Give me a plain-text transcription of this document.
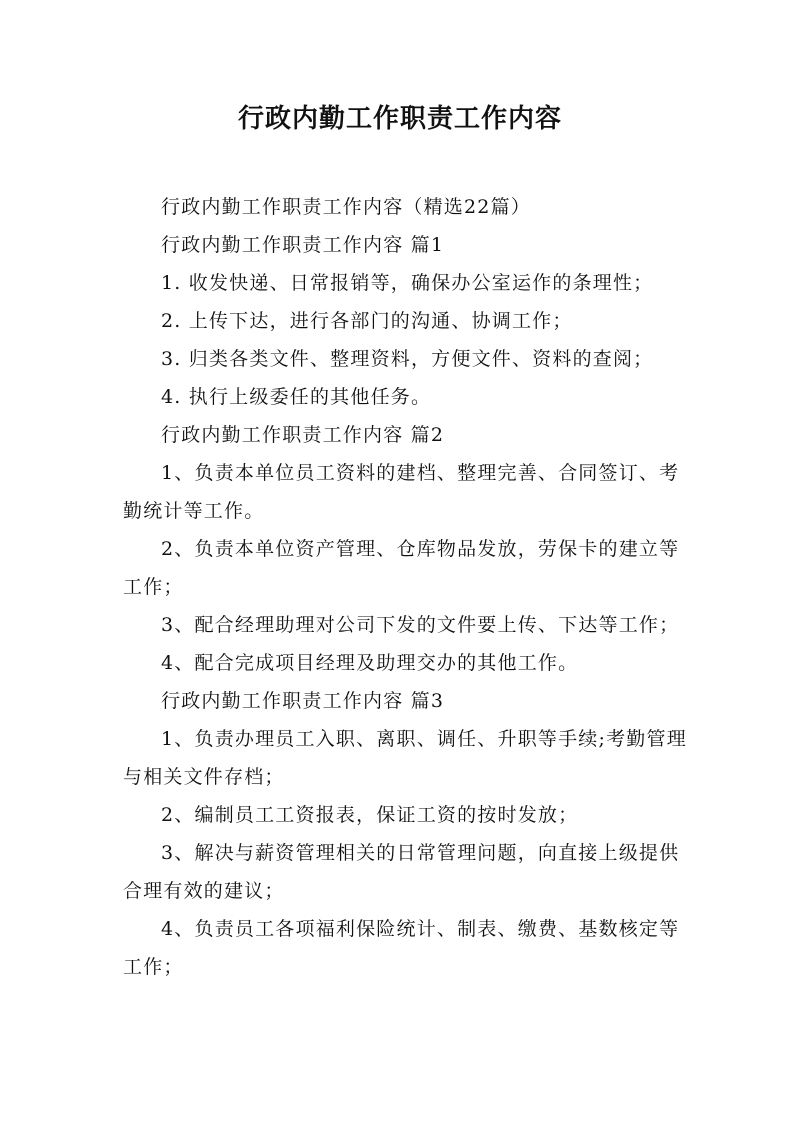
行政内勤工作职责工作内容

行政内勤工作职责工作内容（精选22篇）

行政内勤工作职责工作内容 篇1

1. 收发快递、日常报销等，确保办公室运作的条理性；

2. 上传下达，进行各部门的沟通、协调工作；

3. 归类各类文件、整理资料，方便文件、资料的查阅；

4. 执行上级委任的其他任务。

行政内勤工作职责工作内容 篇2

1、负责本单位员工资料的建档、整理完善、合同签订、考勤统计等工作。

2、负责本单位资产管理、仓库物品发放，劳保卡的建立等工作；

3、配合经理助理对公司下发的文件要上传、下达等工作；

4、配合完成项目经理及助理交办的其他工作。

行政内勤工作职责工作内容 篇3

1、负责办理员工入职、离职、调任、升职等手续;考勤管理与相关文件存档；

2、编制员工工资报表，保证工资的按时发放；

3、解决与薪资管理相关的日常管理问题，向直接上级提供合理有效的建议；

4、负责员工各项福利保险统计、制表、缴费、基数核定等工作；
